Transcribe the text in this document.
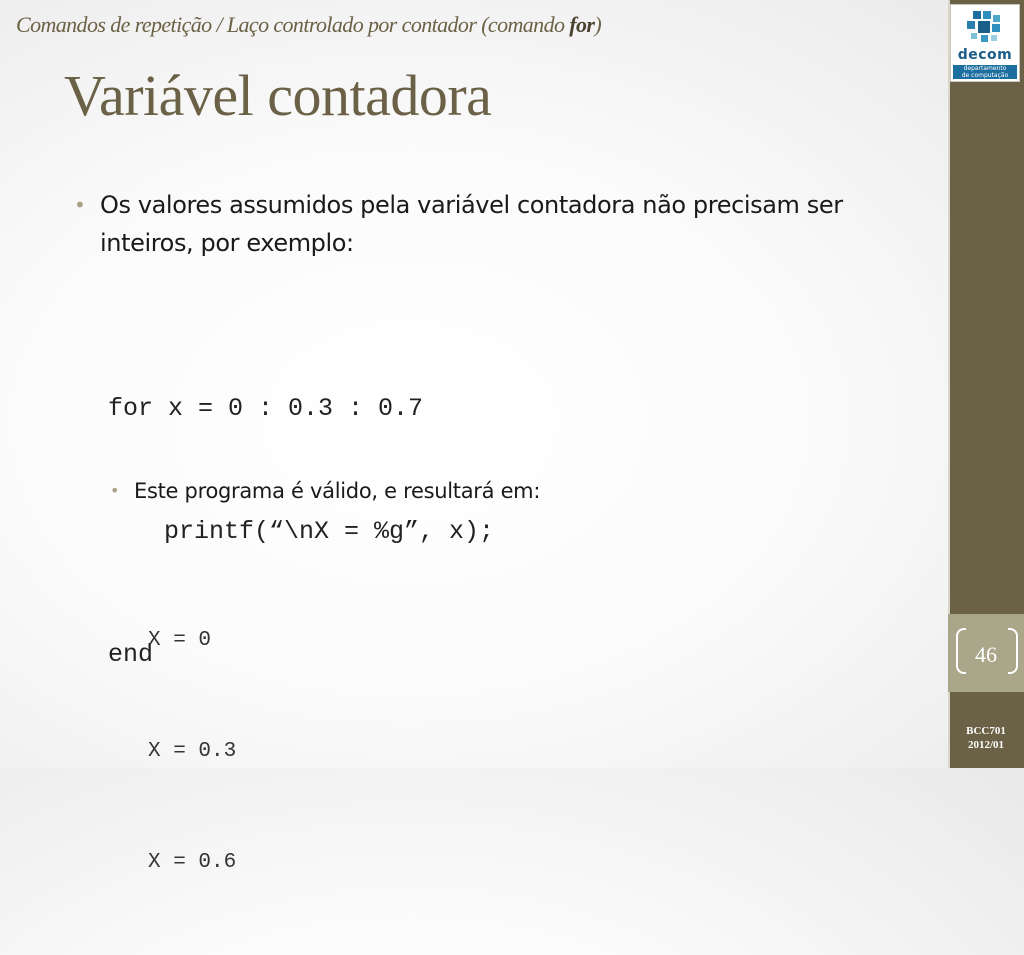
Comandos de repetição / Laço controlado por contador (comando for)
Variável contadora
• Os valores assumidos pela variável contadora não precisam ser inteiros, por exemplo:

for x = 0 : 0.3 : 0.7

printf(“\nX = %g”, x);

end

• Este programa é válido, e resultará em:

X = 0

X = 0.3

X = 0.6

decom
departamento
de computação
46
BCC701
2012/01
